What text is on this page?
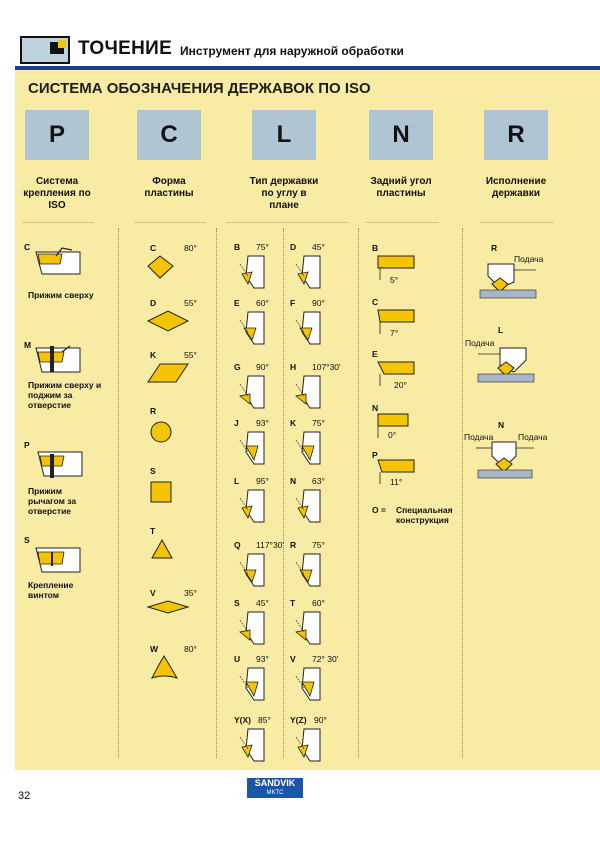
ТОЧЕНИЕ Инструмент для наружной обработки
СИСТЕМА ОБОЗНАЧЕНИЯ ДЕРЖАВОК ПО ISO
P	C	L	N	R
Система крепления по ISO
Форма пластины
Тип державки по углу в плане
Задний угол пластины
Исполнение державки
C
Прижим сверху
M
Прижим сверху и поджим за отверстие
P
Прижим рычагом за отверстие
S
Крепление винтом
C	80°
D	55°
K	55°
R
S
T
V	35°
W	80°
B 75°
E 60°
G 90°
J 93°
L 95°
Q 117°30'
S 45°
U 93°
Y(X) 85°
D 45°
F 90°
H 107°30'
K 75°
N 63°
R 75°
T 60°
V 72° 30'
Y(Z) 90°
B
5°
C
7°
E
20°
N
0°
P
11°
O = Специальная конструкция
R
Подача
L
Подача
N
Подача	Подача
32
SANDVIK
MKTC
